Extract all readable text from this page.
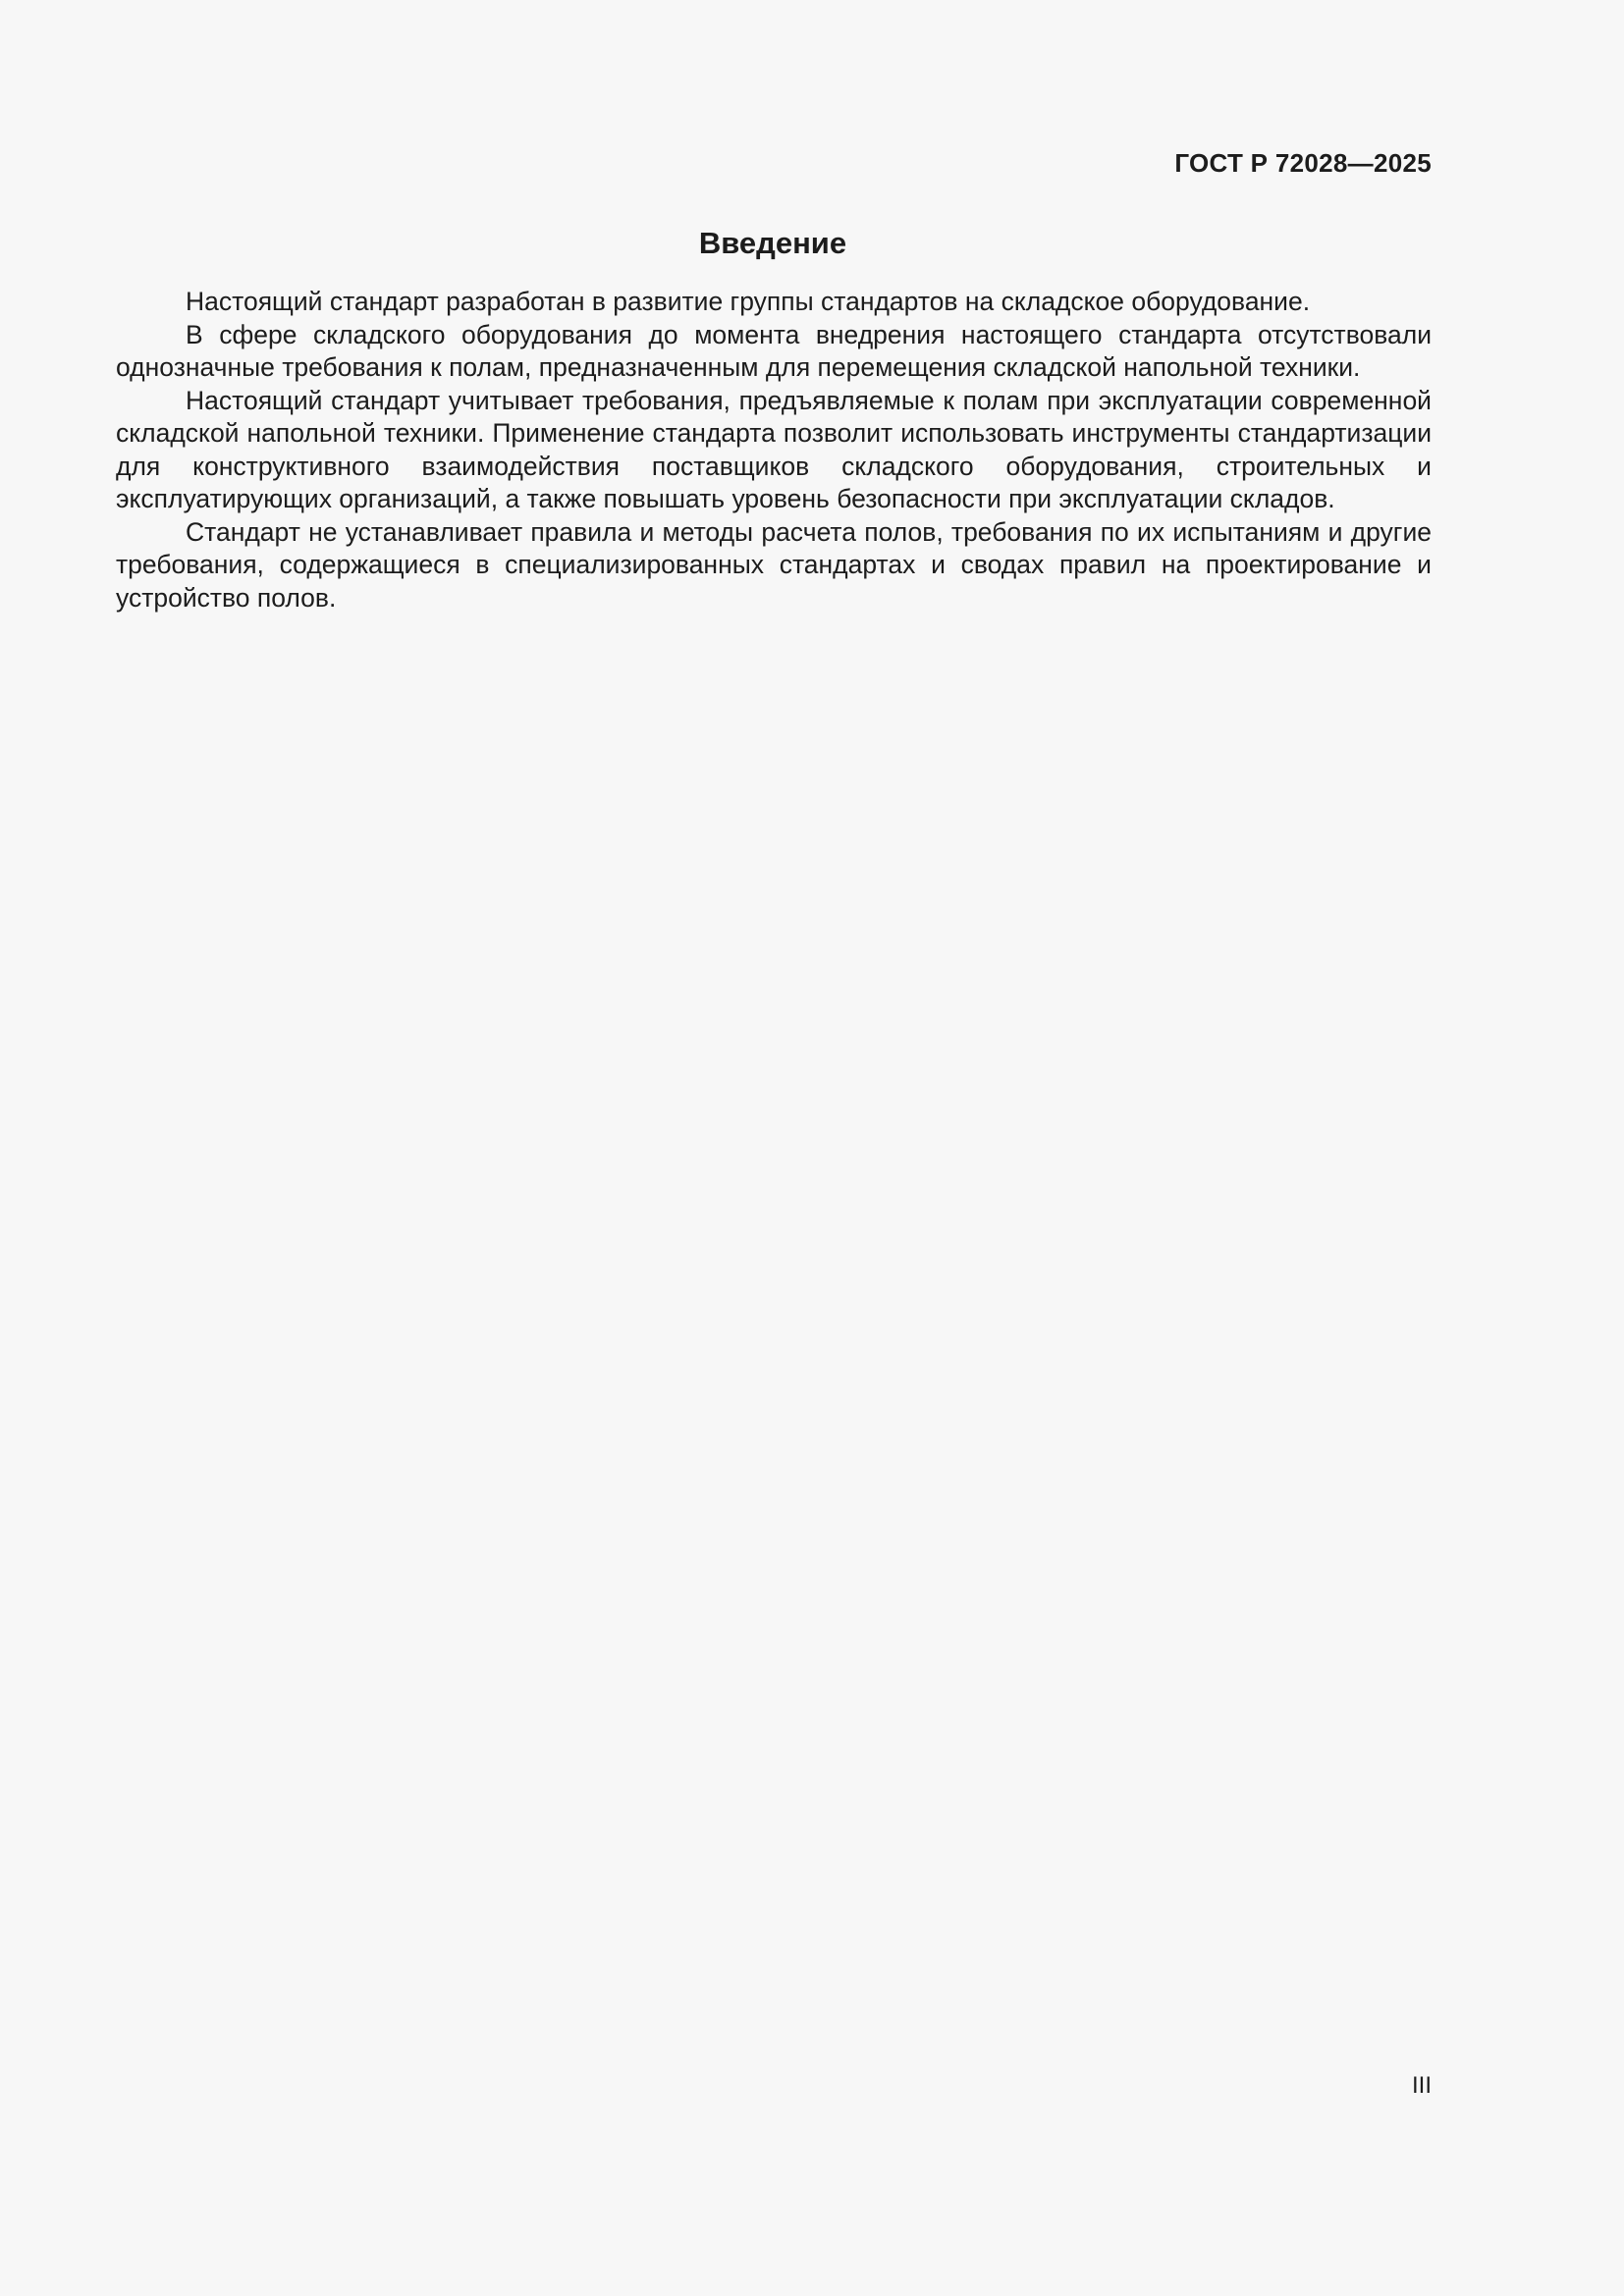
ГОСТ Р 72028—2025
Введение

Настоящий стандарт разработан в развитие группы стандартов на складское оборудование.

В сфере складского оборудования до момента внедрения настоящего стандарта отсутствовали однозначные требования к полам, предназначенным для перемещения складской напольной техники.

Настоящий стандарт учитывает требования, предъявляемые к полам при эксплуатации современной складской напольной техники. Применение стандарта позволит использовать инструменты стандартизации для конструктивного взаимодействия поставщиков складского оборудования, строительных и эксплуатирующих организаций, а также повышать уровень безопасности при эксплуатации складов.

Стандарт не устанавливает правила и методы расчета полов, требования по их испытаниям и другие требования, содержащиеся в специализированных стандартах и сводах правил на проектирование и устройство полов.

III
